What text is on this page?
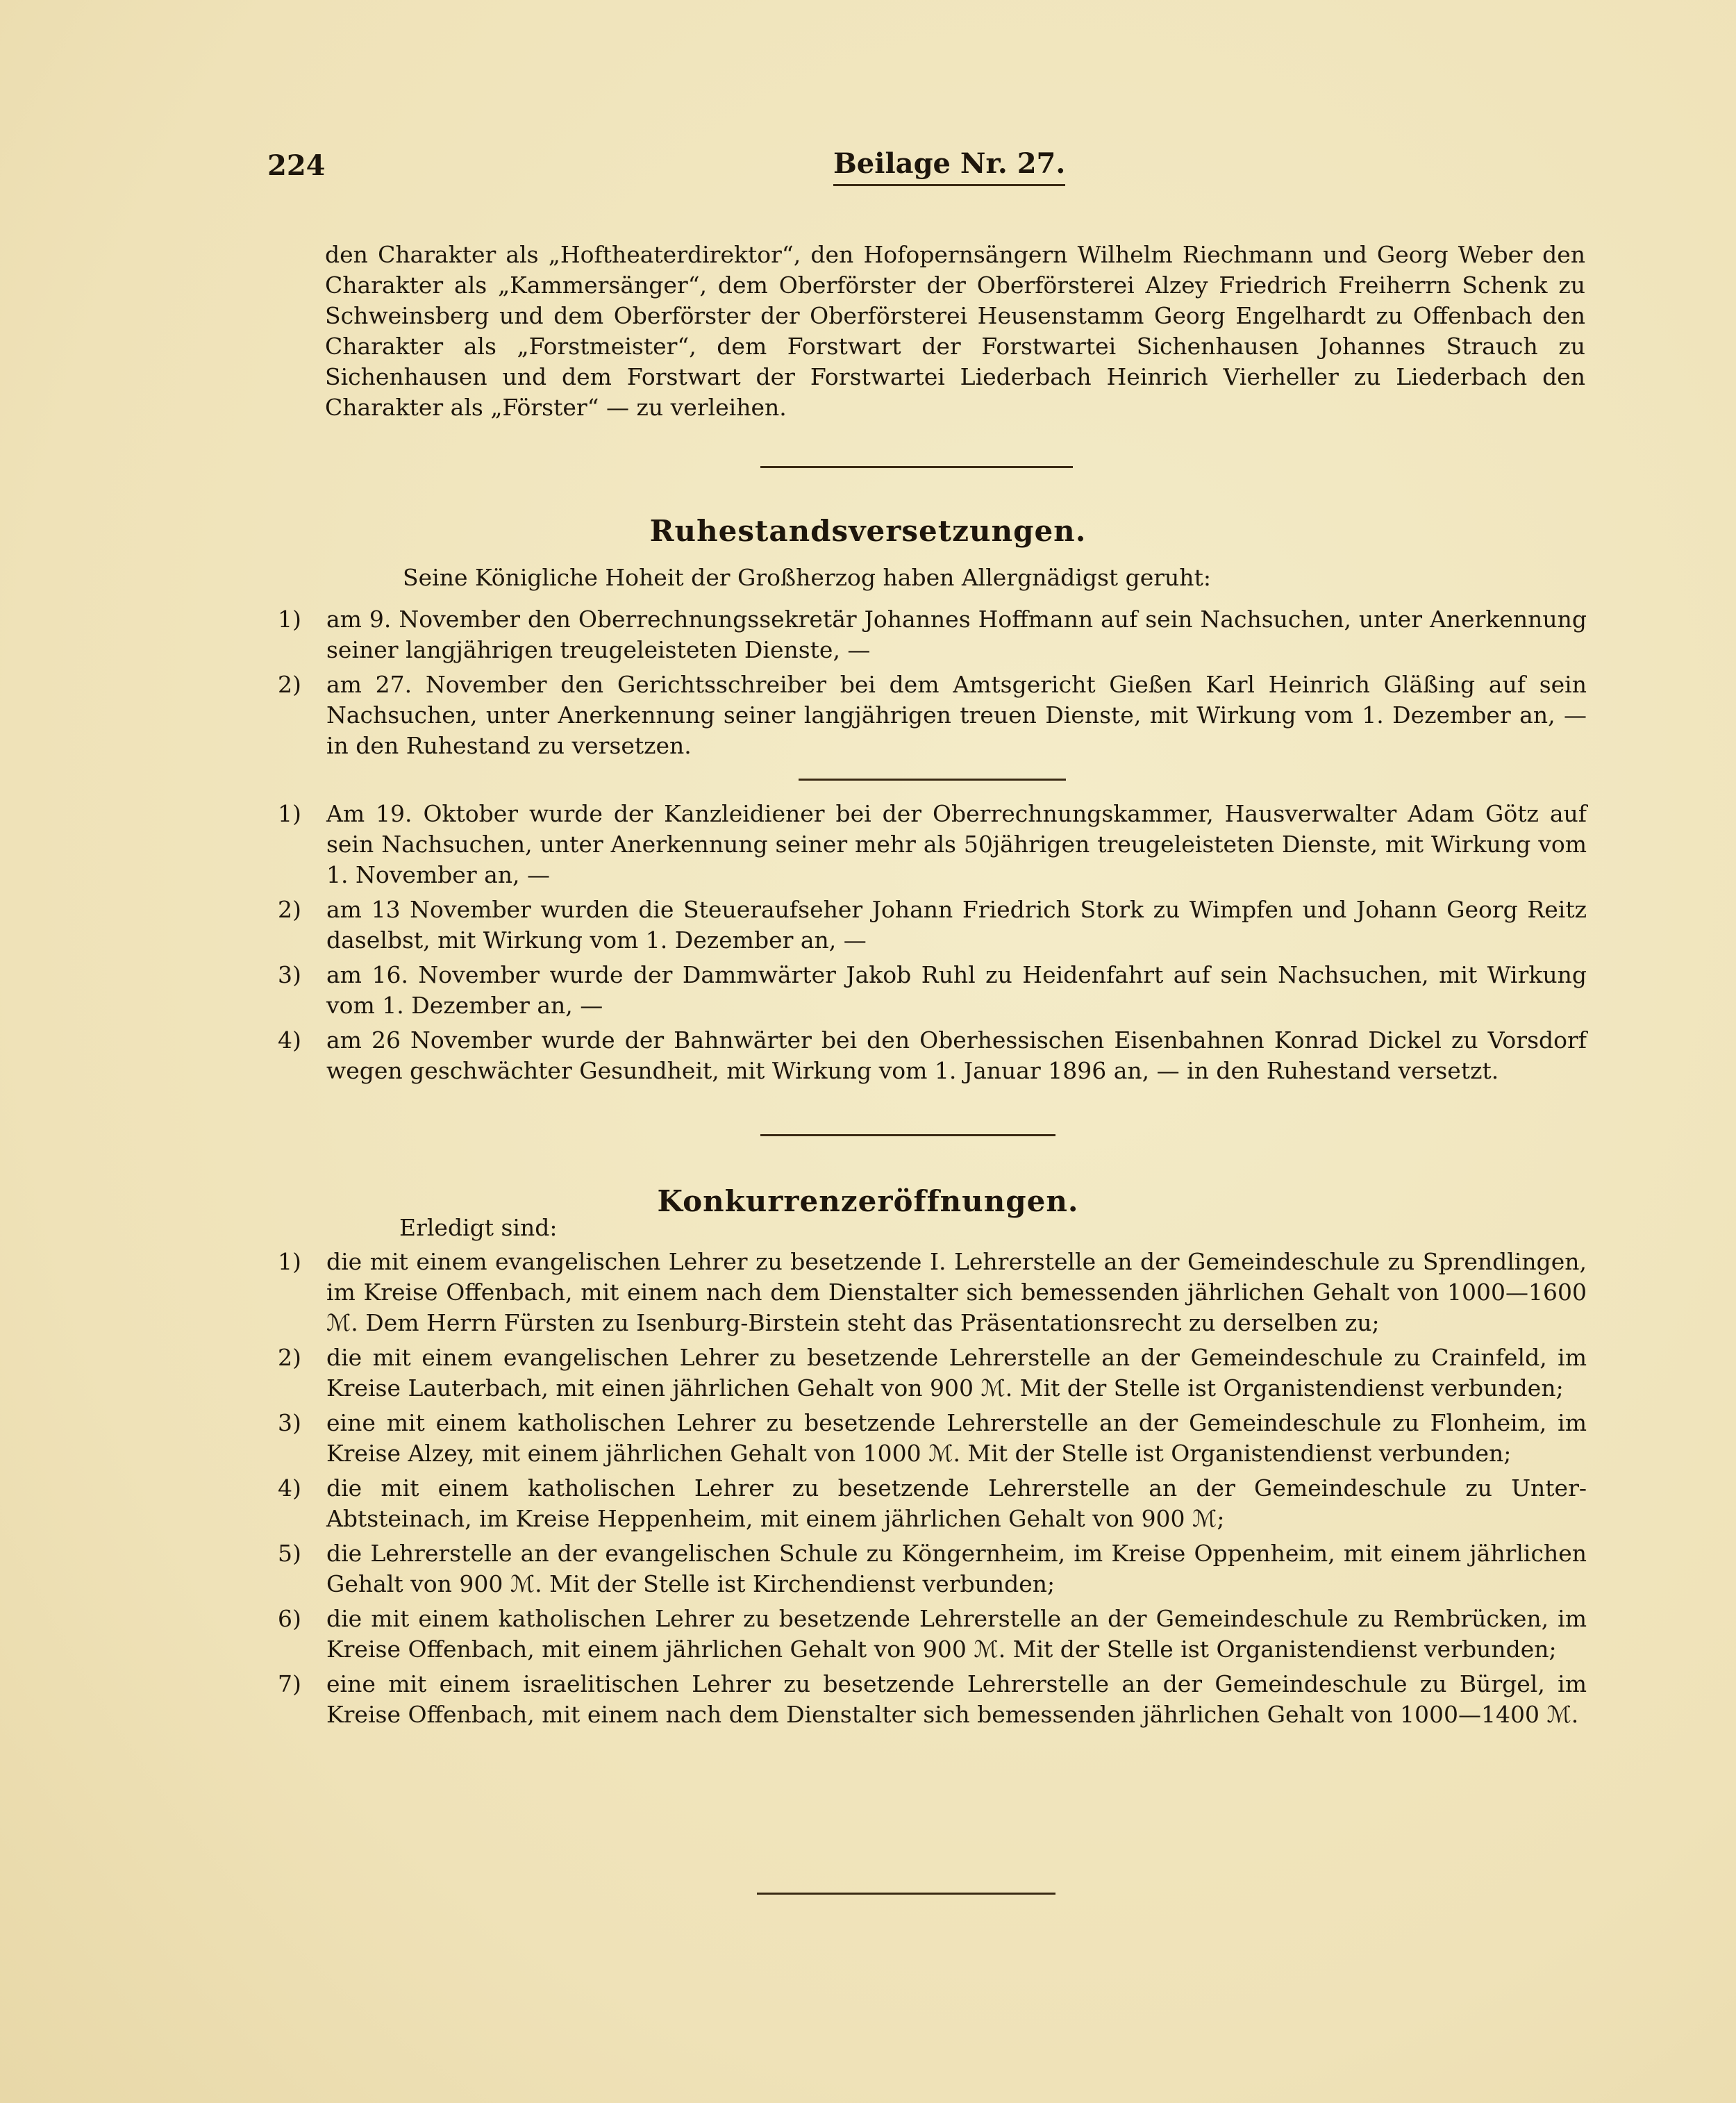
224	Beilage Nr. 27.
den Charakter als „Hoftheaterdirektor“, den Hofopernsängern Wilhelm Riechmann und Georg Weber den Charakter als „Kammersänger“, dem Oberförster der Oberförsterei Alzey Friedrich Freiherrn Schenk zu Schweinsberg und dem Oberförster der Oberförsterei Heusenstamm Georg Engelhardt zu Offenbach den Charakter als „Forstmeister“, dem Forstwart der Forstwartei Sichenhausen Johannes Strauch zu Sichenhausen und dem Forstwart der Forstwartei Liederbach Heinrich Vierheller zu Liederbach den Charakter als „Förster“ — zu verleihen.
Ruhestandsversetzungen.
Seine Königliche Hoheit der Großherzog haben Allergnädigst geruht:
1) am 9. November den Oberrechnungssekretär Johannes Hoffmann auf sein Nachsuchen, unter Anerkennung seiner langjährigen treugeleisteten Dienste, —
2) am 27. November den Gerichtsschreiber bei dem Amtsgericht Gießen Karl Heinrich Gläßing auf sein Nachsuchen, unter Anerkennung seiner langjährigen treuen Dienste, mit Wirkung vom 1. Dezember an, — in den Ruhestand zu versetzen.
1) Am 19. Oktober wurde der Kanzleidiener bei der Oberrechnungskammer, Hausverwalter Adam Götz auf sein Nachsuchen, unter Anerkennung seiner mehr als 50jährigen treugeleisteten Dienste, mit Wirkung vom 1. November an, —
2) am 13 November wurden die Steueraufseher Johann Friedrich Stork zu Wimpfen und Johann Georg Reitz daselbst, mit Wirkung vom 1. Dezember an, —
3) am 16. November wurde der Dammwärter Jakob Ruhl zu Heidenfahrt auf sein Nachsuchen, mit Wirkung vom 1. Dezember an, —
4) am 26 November wurde der Bahnwärter bei den Oberhessischen Eisenbahnen Konrad Dickel zu Vorsdorf wegen geschwächter Gesundheit, mit Wirkung vom 1. Januar 1896 an, — in den Ruhestand versetzt.
Konkurrenzeröffnungen.
Erledigt sind:
1) die mit einem evangelischen Lehrer zu besetzende I. Lehrerstelle an der Gemeindeschule zu Sprendlingen, im Kreise Offenbach, mit einem nach dem Dienstalter sich bemessenden jährlichen Gehalt von 1000—1600 ℳ. Dem Herrn Fürsten zu Isenburg-Birstein steht das Präsentationsrecht zu derselben zu;
2) die mit einem evangelischen Lehrer zu besetzende Lehrerstelle an der Gemeindeschule zu Crainfeld, im Kreise Lauterbach, mit einen jährlichen Gehalt von 900 ℳ. Mit der Stelle ist Organistendienst verbunden;
3) eine mit einem katholischen Lehrer zu besetzende Lehrerstelle an der Gemeindeschule zu Flonheim, im Kreise Alzey, mit einem jährlichen Gehalt von 1000 ℳ. Mit der Stelle ist Organistendienst verbunden;
4) die mit einem katholischen Lehrer zu besetzende Lehrerstelle an der Gemeindeschule zu Unter-Abtsteinach, im Kreise Heppenheim, mit einem jährlichen Gehalt von 900 ℳ;
5) die Lehrerstelle an der evangelischen Schule zu Köngernheim, im Kreise Oppenheim, mit einem jährlichen Gehalt von 900 ℳ. Mit der Stelle ist Kirchendienst verbunden;
6) die mit einem katholischen Lehrer zu besetzende Lehrerstelle an der Gemeindeschule zu Rembrücken, im Kreise Offenbach, mit einem jährlichen Gehalt von 900 ℳ. Mit der Stelle ist Organistendienst verbunden;
7) eine mit einem israelitischen Lehrer zu besetzende Lehrerstelle an der Gemeindeschule zu Bürgel, im Kreise Offenbach, mit einem nach dem Dienstalter sich bemessenden jährlichen Gehalt von 1000—1400 ℳ.
